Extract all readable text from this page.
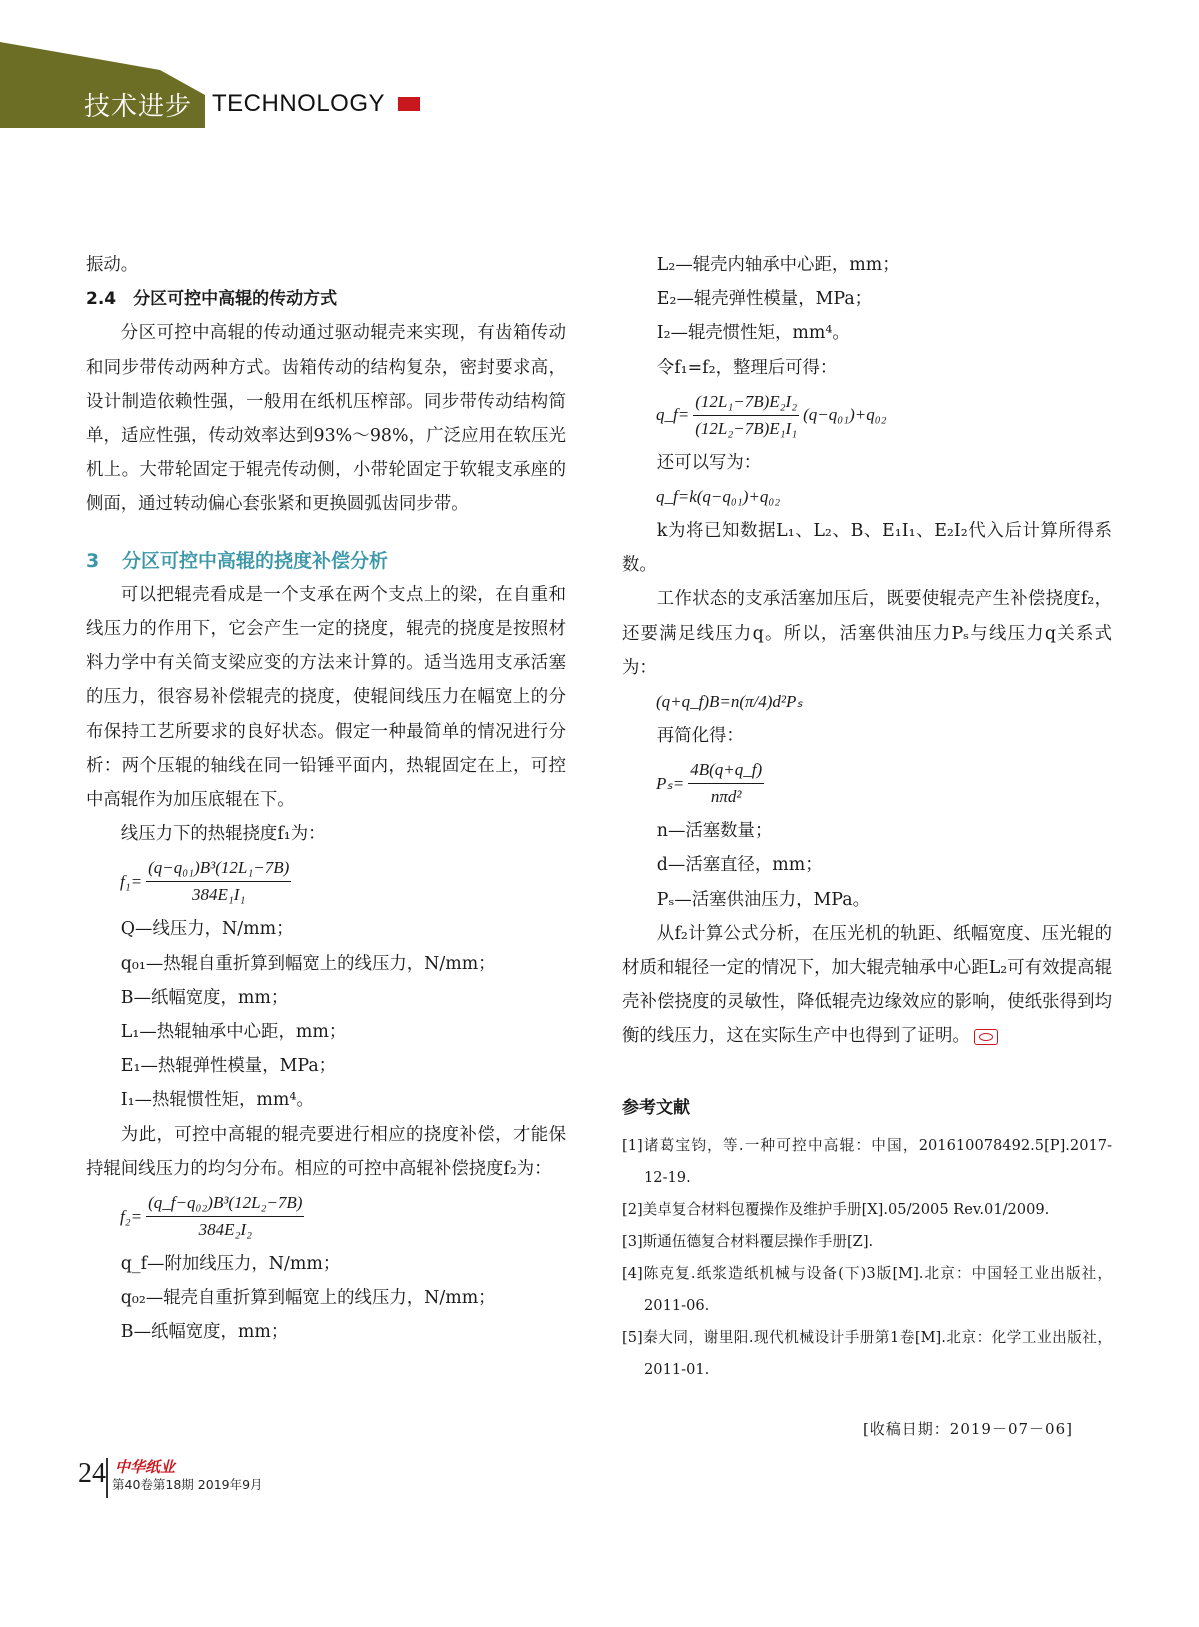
技术进步 TECHNOLOGY

振动。

2.4　分区可控中高辊的传动方式

分区可控中高辊的传动通过驱动辊壳来实现，有齿箱传动和同步带传动两种方式。齿箱传动的结构复杂，密封要求高，设计制造依赖性强，一般用在纸机压榨部。同步带传动结构简单，适应性强，传动效率达到93%～98%，广泛应用在软压光机上。大带轮固定于辊壳传动侧，小带轮固定于软辊支承座的侧面，通过转动偏心套张紧和更换圆弧齿同步带。

3 分区可控中高辊的挠度补偿分析

可以把辊壳看成是一个支承在两个支点上的梁，在自重和线压力的作用下，它会产生一定的挠度，辊壳的挠度是按照材料力学中有关简支梁应变的方法来计算的。适当选用支承活塞的压力，很容易补偿辊壳的挠度，使辊间线压力在幅宽上的分布保持工艺所要求的良好状态。假定一种最简单的情况进行分析：两个压辊的轴线在同一铅锤平面内，热辊固定在上，可控中高辊作为加压底辊在下。

线压力下的热辊挠度f₁为：

$f_1= \frac{\text{(q−q₀₁)B³(12L₁−7B)}}{\text{384E₁I₁}}$

Q—线压力，N/mm；

q₀₁—热辊自重折算到幅宽上的线压力，N/mm；

B—纸幅宽度，mm；

L₁—热辊轴承中心距，mm；

E₁—热辊弹性模量，MPa；

I₁—热辊惯性矩，mm⁴。

为此，可控中高辊的辊壳要进行相应的挠度补偿，才能保持辊间线压力的均匀分布。相应的可控中高辊补偿挠度f₂为：

$f_2= \frac{\text{(q\_f−q₀₂)B³(12L₂−7B)}}{\text{384E₂I₂}}$

q_f—附加线压力，N/mm；

q₀₂—辊壳自重折算到幅宽上的线压力，N/mm；

B—纸幅宽度，mm；

L₂—辊壳内轴承中心距，mm；

E₂—辊壳弹性模量，MPa；

I₂—辊壳惯性矩，mm⁴。

令f₁=f₂，整理后可得：

q_f= $\frac{\text{(12L₁−7B)E₂I₂}}{\text{(12L₂−7B)E₁I₁}} (q-q_{01})+q_{02}$

还可以写为：

q_f=k(q−q₀₁)+q₀₂

k为将已知数据L₁、L₂、B、E₁I₁、E₂I₂代入后计算所得系数。

工作状态的支承活塞加压后，既要使辊壳产生补偿挠度f₂，还要满足线压力q。所以，活塞供油压力Pₛ与线压力q关系式为：

(q+q_f)B=n(π/4)d²Pₛ

再简化得：

$P_s= \frac{4B(q+q\_f)}{\text{nπd²}}$

n—活塞数量；

d—活塞直径，mm；

Pₛ—活塞供油压力，MPa。

从f₂计算公式分析，在压光机的轨距、纸幅宽度、压光辊的材质和辊径一定的情况下，加大辊壳轴承中心距L₂可有效提高辊壳补偿挠度的灵敏性，降低辊壳边缘效应的影响，使纸张得到均衡的线压力，这在实际生产中也得到了证明。

参考文献
[1]诸葛宝钧，等.一种可控中高辊：中国，201610078492.5[P].2017-12-19.
[2]美卓复合材料包覆操作及维护手册[X].05/2005 Rev.01/2009.
[3]斯通伍德复合材料覆层操作手册[Z].
[4]陈克复.纸浆造纸机械与设备(下)3版[M].北京：中国轻工业出版社，2011-06.
[5]秦大同，谢里阳.现代机械设计手册第1卷[M].北京：化学工业出版社，2011-01.
[收稿日期：2019－07－06]
24 中华纸业
第40卷第18期 2019年9月
